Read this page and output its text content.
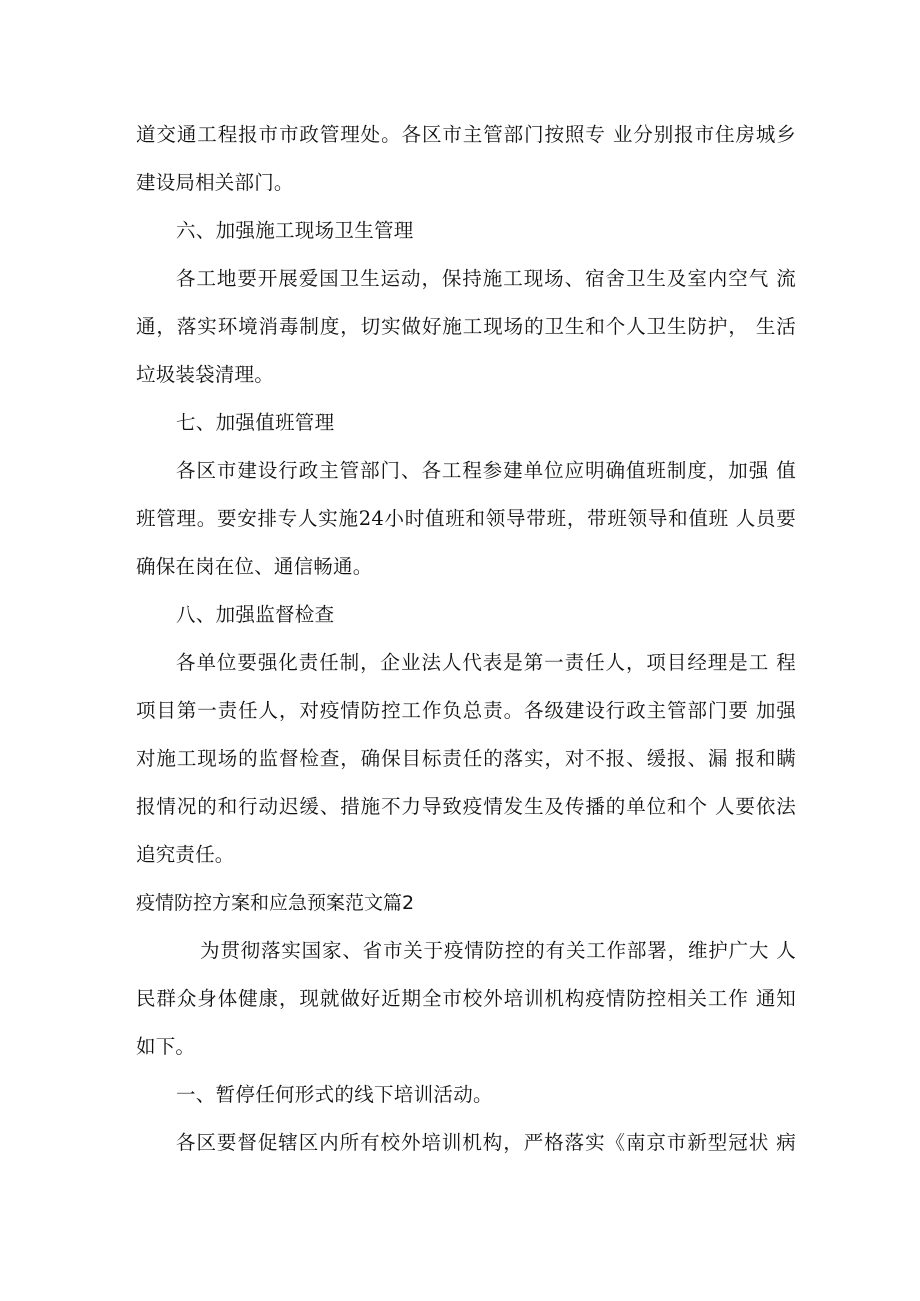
道交通工程报市市政管理处。各区市主管部门按照专 业分别报市住房城乡
建设局相关部门。
六、加强施工现场卫生管理
各工地要开展爱国卫生运动，保持施工现场、宿舍卫生及室内空气 流
通，落实环境消毒制度，切实做好施工现场的卫生和个人卫生防护， 生活
垃圾装袋清理。
七、加强值班管理
各区市建设行政主管部门、各工程参建单位应明确值班制度，加强 值
班管理。要安排专人实施24小时值班和领导带班，带班领导和值班 人员要
确保在岗在位、通信畅通。
八、加强监督检查
各单位要强化责任制，企业法人代表是第一责任人，项目经理是工 程
项目第一责任人，对疫情防控工作负总责。各级建设行政主管部门要 加强
对施工现场的监督检查，确保目标责任的落实，对不报、缓报、漏 报和瞒
报情况的和行动迟缓、措施不力导致疫情发生及传播的单位和个 人要依法
追究责任。
疫情防控方案和应急预案范文篇2
为贯彻落实国家、省市关于疫情防控的有关工作部署，维护广大 人
民群众身体健康，现就做好近期全市校外培训机构疫情防控相关工作 通知
如下。
一、暂停任何形式的线下培训活动。
各区要督促辖区内所有校外培训机构，严格落实《南京市新型冠状 病
